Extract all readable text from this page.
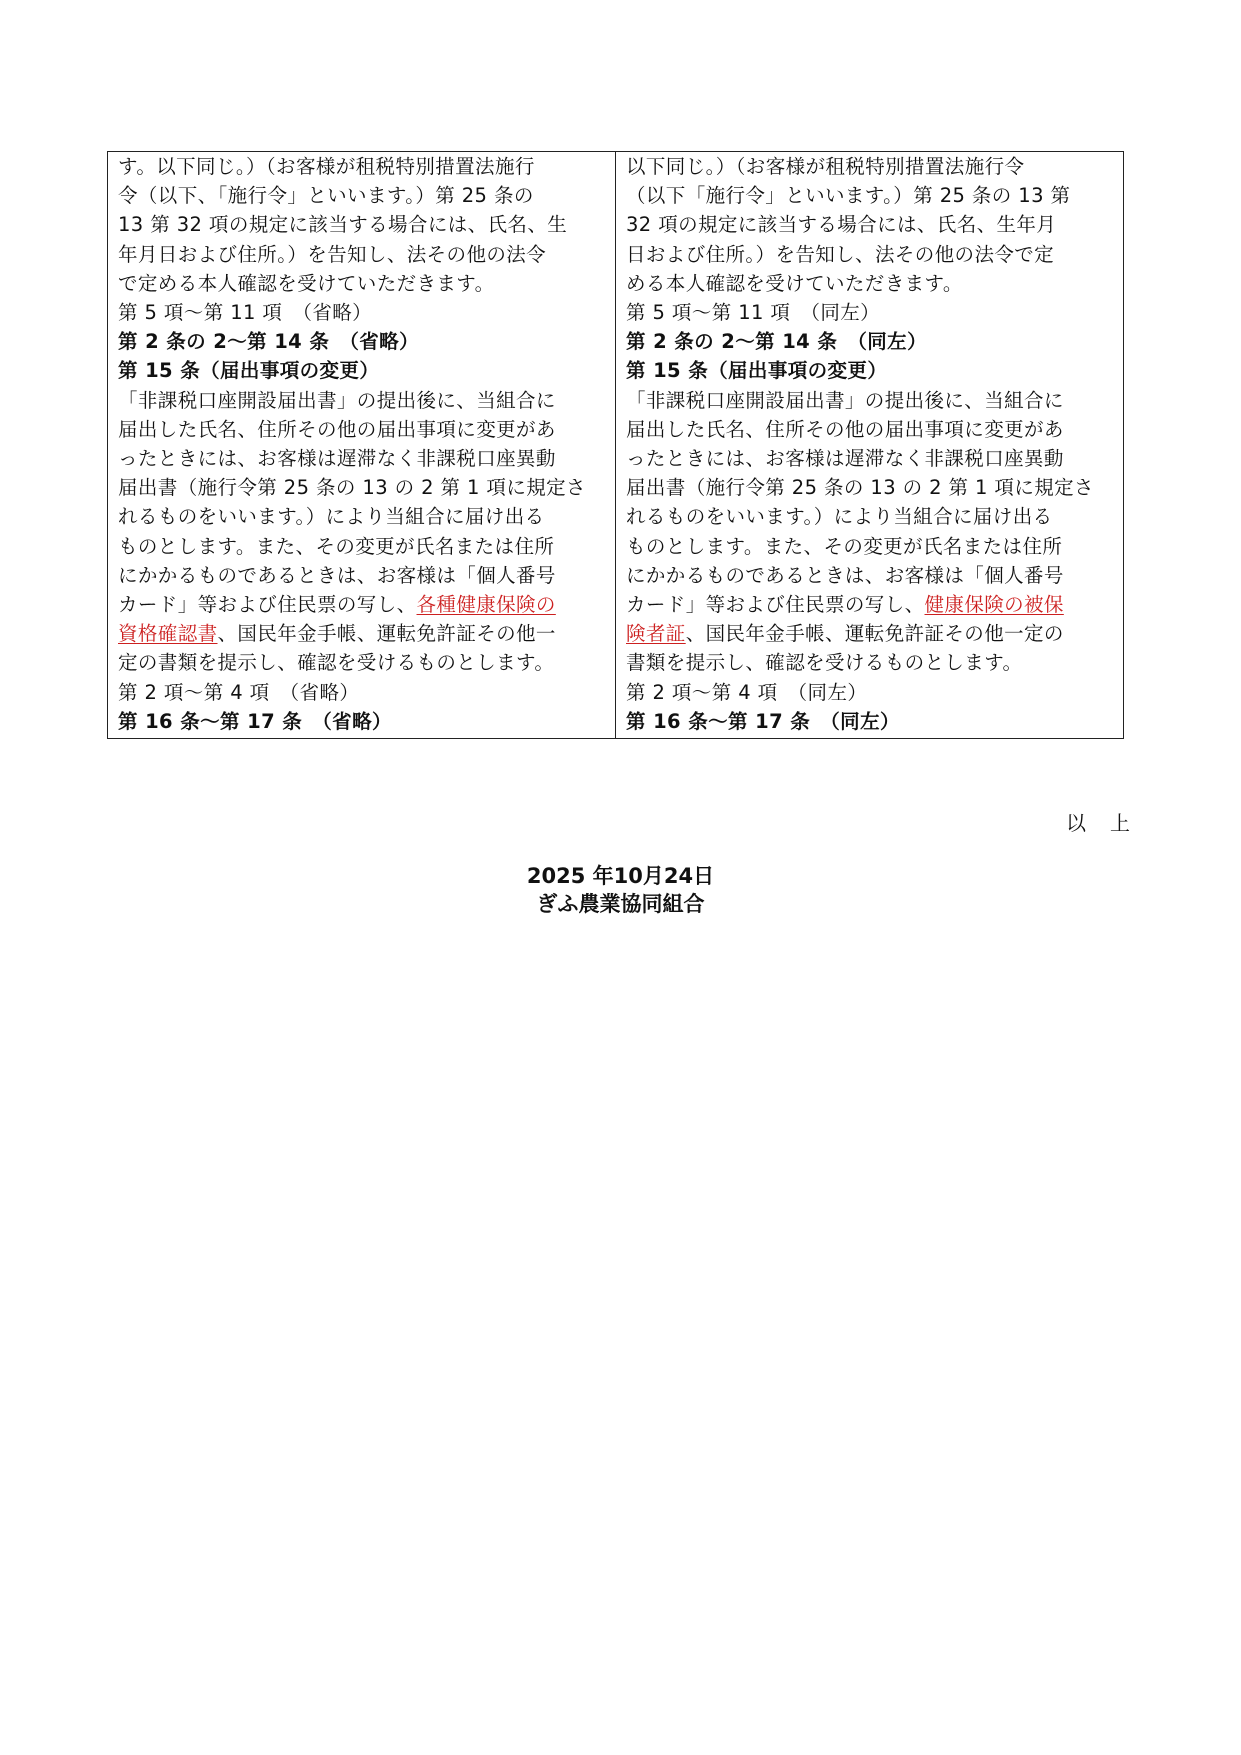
す。以下同じ。）（お客様が租税特別措置法施行
令（以下、「施行令」といいます。）第 25 条の
13 第 32 項の規定に該当する場合には、氏名、生
年月日および住所。）を告知し、法その他の法令
で定める本人確認を受けていただきます。
第 5 項～第 11 項　（省略）
第 2 条の 2～第 14 条　（省略）
第 15 条（届出事項の変更）
「非課税口座開設届出書」の提出後に、当組合に
届出した氏名、住所その他の届出事項に変更があ
ったときには、お客様は遅滞なく非課税口座異動
届出書（施行令第 25 条の 13 の 2 第 1 項に規定さ
れるものをいいます。）により当組合に届け出る
ものとします。また、その変更が氏名または住所
にかかるものであるときは、お客様は「個人番号
カード」等および住民票の写し、各種健康保険の
資格確認書、国民年金手帳、運転免許証その他一
定の書類を提示し、確認を受けるものとします。
第 2 項～第 4 項　（省略）
第 16 条～第 17 条　（省略）

以下同じ。）（お客様が租税特別措置法施行令
（以下「施行令」といいます。）第 25 条の 13 第
32 項の規定に該当する場合には、氏名、生年月
日および住所。）を告知し、法その他の法令で定
める本人確認を受けていただきます。
第 5 項～第 11 項　（同左）
第 2 条の 2～第 14 条　（同左）
第 15 条（届出事項の変更）
「非課税口座開設届出書」の提出後に、当組合に
届出した氏名、住所その他の届出事項に変更があ
ったときには、お客様は遅滞なく非課税口座異動
届出書（施行令第 25 条の 13 の 2 第 1 項に規定さ
れるものをいいます。）により当組合に届け出る
ものとします。また、その変更が氏名または住所
にかかるものであるときは、お客様は「個人番号
カード」等および住民票の写し、健康保険の被保
険者証、国民年金手帳、運転免許証その他一定の
書類を提示し、確認を受けるものとします。
第 2 項～第 4 項　（同左）
第 16 条～第 17 条　（同左）
以　上
2025 年10月24日
ぎふ農業協同組合
